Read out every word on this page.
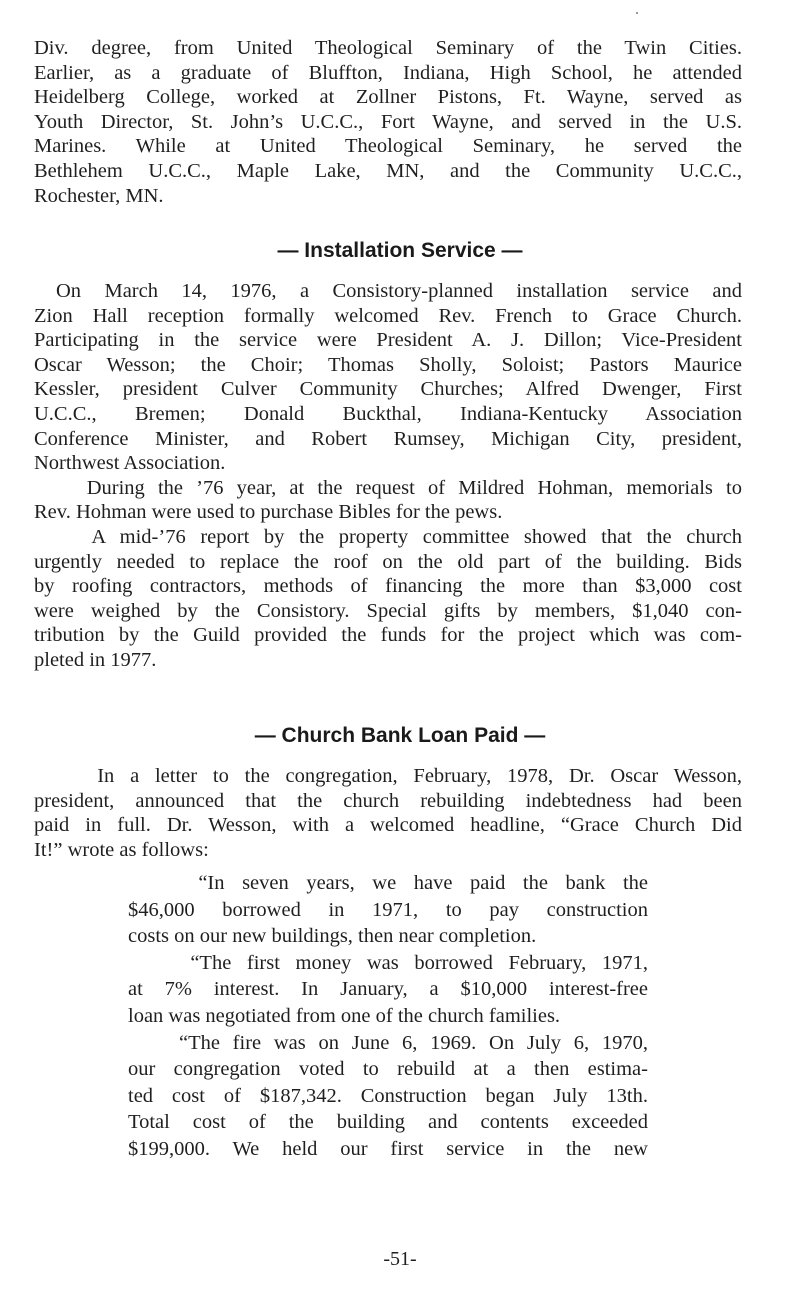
Div. degree, from United Theological Seminary of the Twin Cities.
Earlier, as a graduate of Bluffton, Indiana, High School, he attended
Heidelberg College, worked at Zollner Pistons, Ft. Wayne, served as
Youth Director, St. John’s U.C.C., Fort Wayne, and served in the U.S.
Marines. While at United Theological Seminary, he served the
Bethlehem U.C.C., Maple Lake, MN, and the Community U.C.C.,
Rochester, MN.
— Installation Service —
On March 14, 1976, a Consistory-planned installation service and
Zion Hall reception formally welcomed Rev. French to Grace Church.
Participating in the service were President A. J. Dillon; Vice-President
Oscar Wesson; the Choir; Thomas Sholly, Soloist; Pastors Maurice
Kessler, president Culver Community Churches; Alfred Dwenger, First
U.C.C., Bremen; Donald Buckthal, Indiana-Kentucky Association
Conference Minister, and Robert Rumsey, Michigan City, president,
Northwest Association.
During the ’76 year, at the request of Mildred Hohman, memorials to
Rev. Hohman were used to purchase Bibles for the pews.
A mid-’76 report by the property committee showed that the church
urgently needed to replace the roof on the old part of the building. Bids
by roofing contractors, methods of financing the more than $3,000 cost
were weighed by the Consistory. Special gifts by members, $1,040 con-
tribution by the Guild provided the funds for the project which was com-
pleted in 1977.
— Church Bank Loan Paid —
In a letter to the congregation, February, 1978, Dr. Oscar Wesson,
president, announced that the church rebuilding indebtedness had been
paid in full. Dr. Wesson, with a welcomed headline, “Grace Church Did
It!” wrote as follows:
“In seven years, we have paid the bank the
$46,000 borrowed in 1971, to pay construction
costs on our new buildings, then near completion.
“The first money was borrowed February, 1971,
at 7% interest. In January, a $10,000 interest-free
loan was negotiated from one of the church families.
“The fire was on June 6, 1969. On July 6, 1970,
our congregation voted to rebuild at a then estima-
ted cost of $187,342. Construction began July 13th.
Total cost of the building and contents exceeded
$199,000. We held our first service in the new
-51-
